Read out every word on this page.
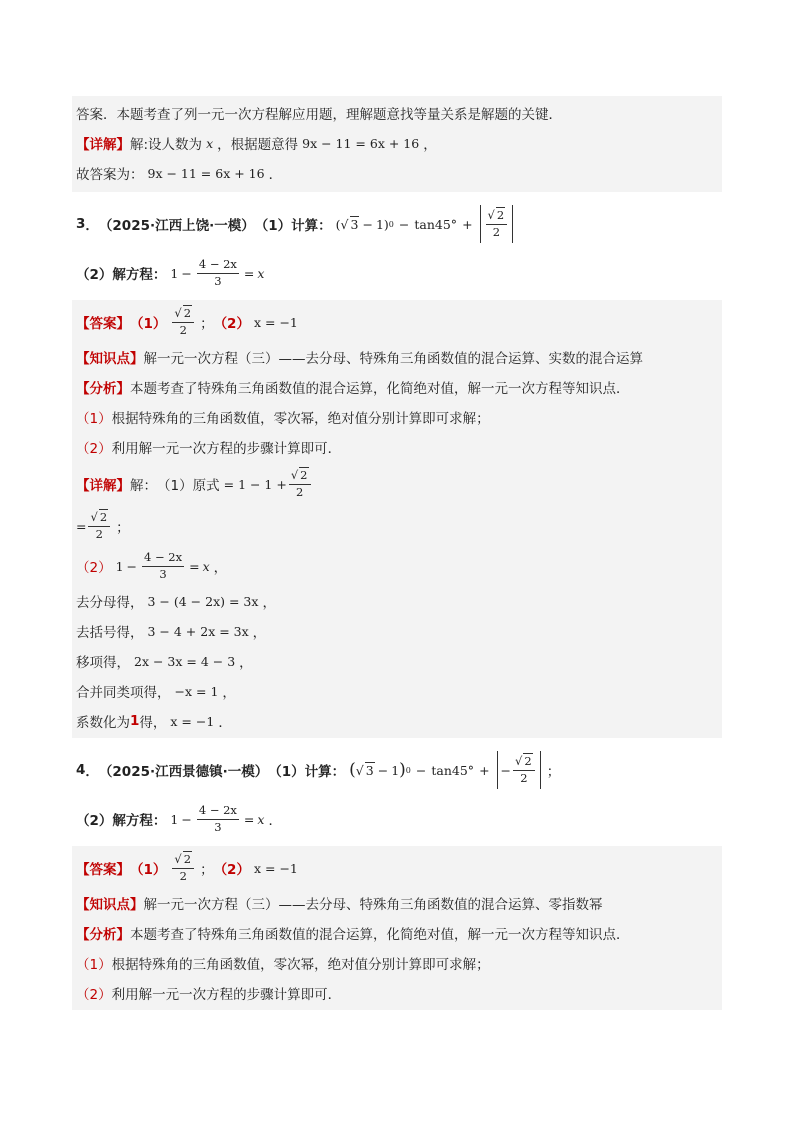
答案．本题考查了列一元一次方程解应用题，理解题意找等量关系是解题的关键．
【详解】 解:设人数为 x ，根据题意得 9x − 11 = 6x + 16 ，
故答案为： 9x − 11 = 6x + 16 ．
3 ． （2025·江西上饶·一模） （1）计算： ( √ 3 − 1 ) $0 - \tan 45^\circ + \frac{√ 2}{2}$
（2）解方程： $1 - \frac{4 - 2x}{3} = x$
【答案】 $(1) \frac{√ 2}{2}$ ； （2） x = −1
【知识点】 解一元一次方程（三）——去分母、特殊角三角函数值的混合运算、实数的混合运算
【分析】 本题考查了特殊角三角函数值的混合运算，化简绝对值，解一元一次方程等知识点．
（1） 根据特殊角的三角函数值，零次幂，绝对值分别计算即可求解；
（2） 利用解一元一次方程的步骤计算即可．
【详解】 解： （1）原式 =
$1 - 1 + \frac{√ 2}{2}$
= $\frac{√ 2}{2}$ ；
（2） $1 - \frac{4 - 2x}{3} = x$ ，
去分母得， 3 − (4 − 2x) = 3x ，
去括号得， 3 − 4 + 2x = 3x ，
移项得， 2x − 3x = 4 − 3 ，
合并同类项得， −x = 1 ，
系数化为 1 得， x = −1 ．
4 ． （2025·江西景德镇·一模） （1）计算： ( √ 3 − 1 ) 0 − tan45° + − $\frac{√ 2}{2}$ ；
（2）解方程： $1 - \frac{4 - 2x}{3} = x$ ．
【答案】 $(1) \frac{√ 2}{2}$ ； （2） x = −1
【知识点】 解一元一次方程（三）——去分母、特殊角三角函数值的混合运算、零指数幂
【分析】 本题考查了特殊角三角函数值的混合运算，化简绝对值，解一元一次方程等知识点．
（1） 根据特殊角的三角函数值，零次幂，绝对值分别计算即可求解；
（2） 利用解一元一次方程的步骤计算即可．
